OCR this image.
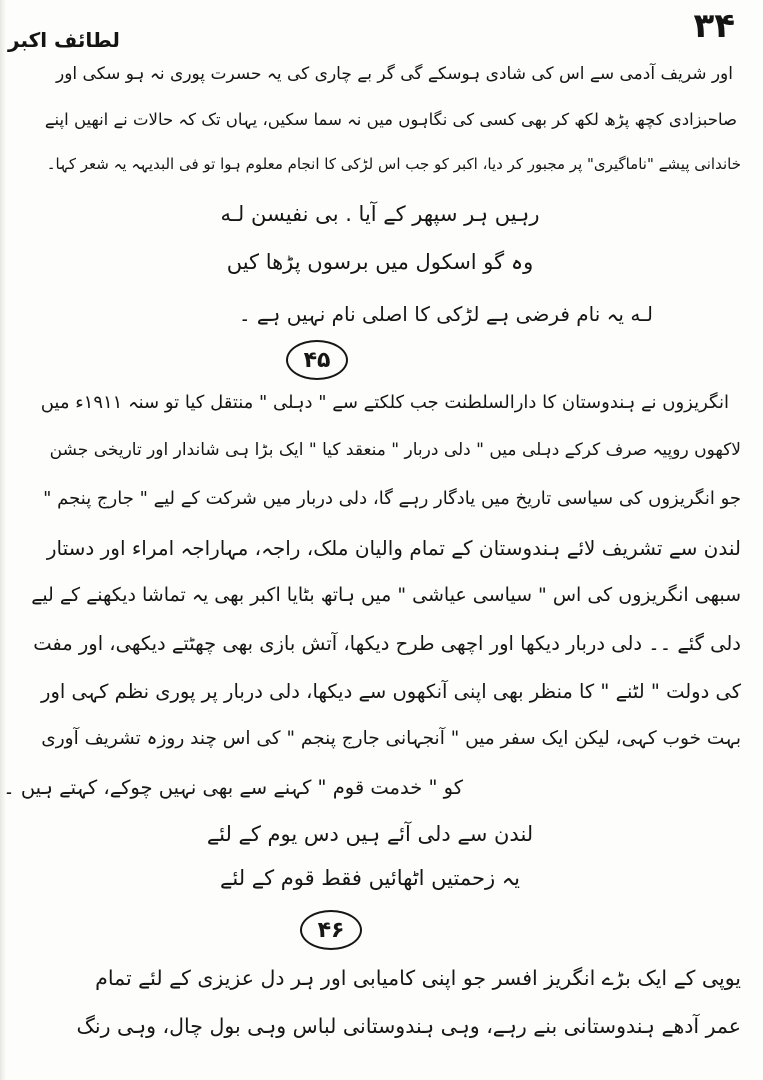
۳۴
لطائف اکبر
اور شریف آدمی سے اس کی شادی ہوسکے گی گر بے چاری کی یہ حسرت پوری نہ ہو سکی اور
صاحبزادی کچھ پڑھ لکھ کر بھی کسی کی نگاہوں میں نہ سما سکیں، یہاں تک کہ حالات نے انھیں اپنے
خاندانی پیشے "ناماگیری" پر مجبور کر دیا، اکبر کو جب اس لڑکی کا انجام معلوم ہوا تو فی البدیہہ یہ شعر کہا۔
رہیں ہر سپھر کے آیا . بی نفیسن لـه
وہ گو اسکول میں برسوں پڑھا کیں
لـه یہ نام فرضی ہے لڑکی کا اصلی نام نہیں ہے ۔
۴۵
انگریزوں نے ہندوستان کا دارالسلطنت جب کلکتے سے " دہلی " منتقل کیا تو سنہ ۱۹۱۱ء میں
لاکھوں روپیہ صرف کرکے دہلی میں " دلی دربار " منعقد کیا " ایک بڑا ہی شاندار اور تاریخی جشن
جو انگریزوں کی سیاسی تاریخ میں یادگار رہے گا، دلی دربار میں شرکت کے لیے " جارج پنجم "
لندن سے تشریف لائے ہندوستان کے تمام والیان ملک، راجہ، مہاراجہ امراء اور دستار
سبھی انگریزوں کی اس " سیاسی عیاشی " میں ہاتھ بٹایا اکبر بھی یہ تماشا دیکھنے کے لیے
دلی گئے ۔۔ دلی دربار دیکھا اور اچھی طرح دیکھا، آتش بازی بھی چھٹتے دیکھی، اور مفت
کی دولت " لٹنے " کا منظر بھی اپنی آنکھوں سے دیکھا، دلی دربار پر پوری نظم کہی اور
بہت خوب کہی، لیکن ایک سفر میں " آنجہانی جارج پنجم " کی اس چند روزہ تشریف آوری
کو " خدمت قوم " کہنے سے بھی نہیں چوکے، کہتے ہیں ۔
لندن سے دلی آئے ہیں دس یوم کے لئے
یہ زحمتیں اٹھائیں فقط قوم کے لئے
۴۶
یوپی کے ایک بڑے انگریز افسر جو اپنی کامیابی اور ہر دل عزیزی کے لئے تمام
عمر آدھے ہندوستانی بنے رہے، وہی ہندوستانی لباس وہی بول چال، وہی رنگ
